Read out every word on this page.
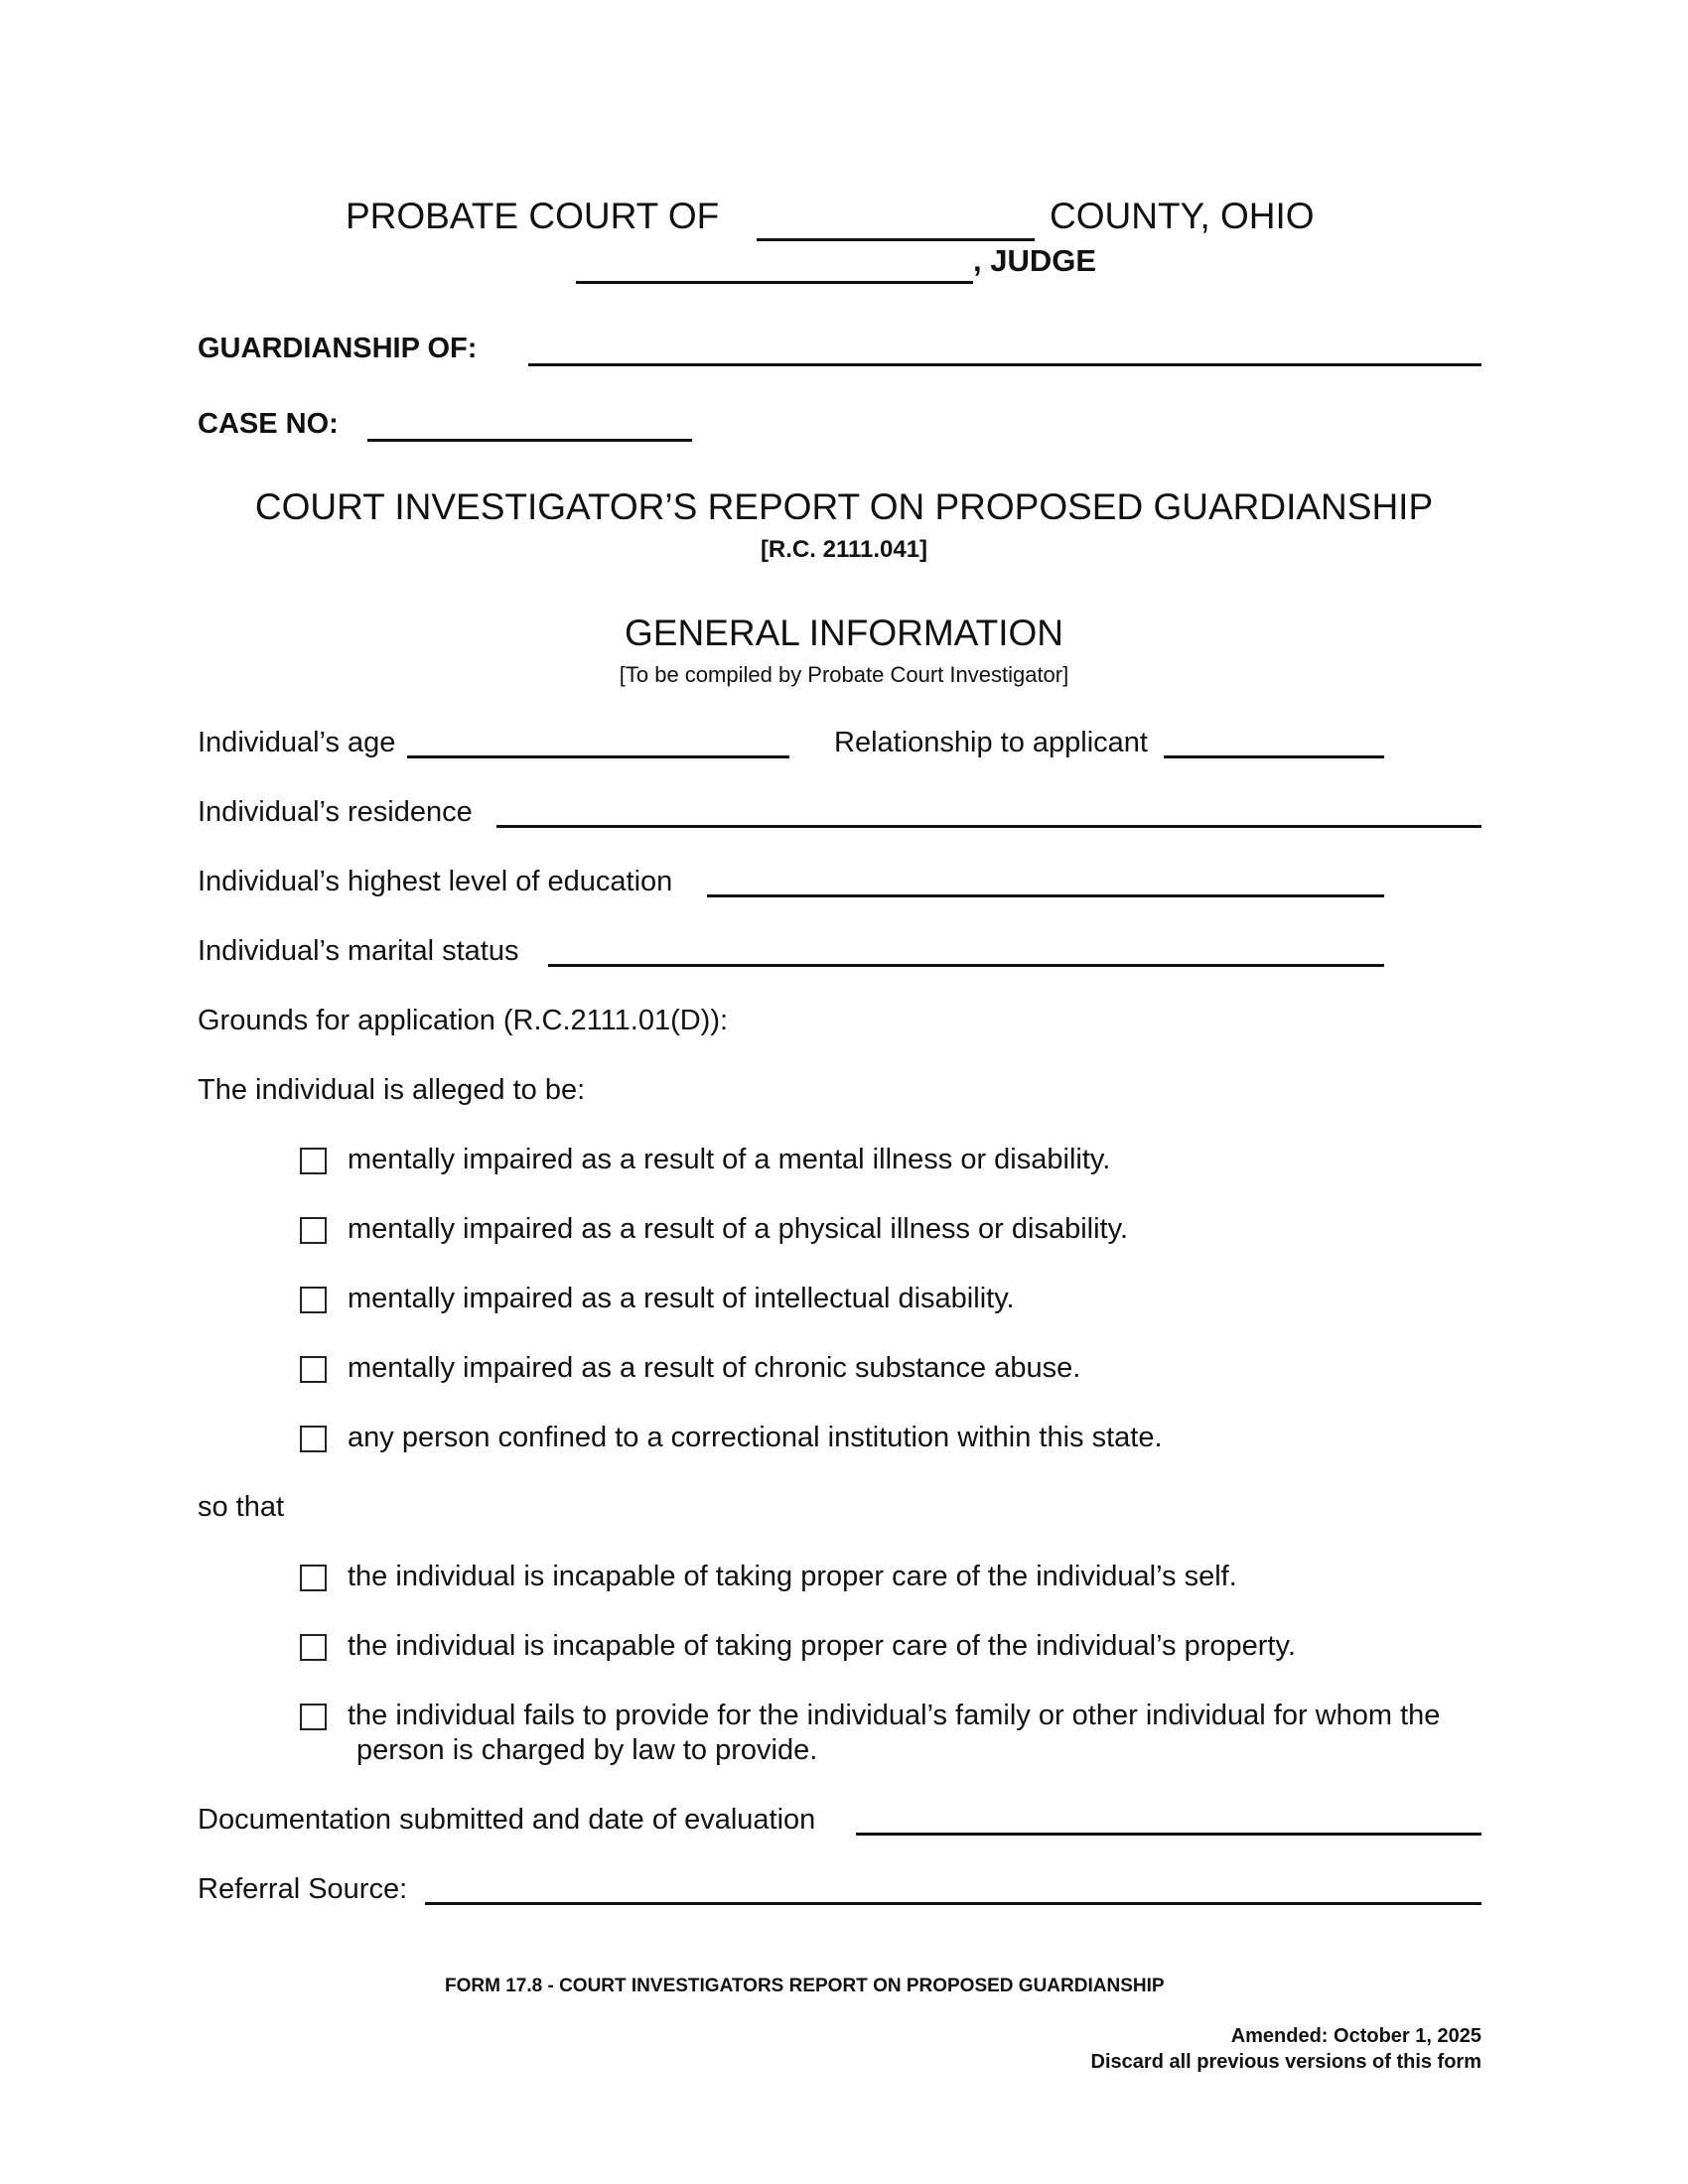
PROBATE COURT OF	COUNTY, OHIO
, JUDGE
GUARDIANSHIP OF:
CASE NO:
COURT INVESTIGATOR’S REPORT ON PROPOSED GUARDIANSHIP
[R.C. 2111.041]
GENERAL INFORMATION
[To be compiled by Probate Court Investigator]
Individual’s age	Relationship to applicant
Individual’s residence
Individual’s highest level of education
Individual’s marital status
Grounds for application (R.C.2111.01(D)):
The individual is alleged to be:
mentally impaired as a result of a mental illness or disability.
mentally impaired as a result of a physical illness or disability.
mentally impaired as a result of intellectual disability.
mentally impaired as a result of chronic substance abuse.
any person confined to a correctional institution within this state.
so that
the individual is incapable of taking proper care of the individual’s self.
the individual is incapable of taking proper care of the individual’s property.
the individual fails to provide for the individual’s family or other individual for whom the
person is charged by law to provide.
Documentation submitted and date of evaluation
Referral Source:
FORM 17.8 - COURT INVESTIGATORS REPORT ON PROPOSED GUARDIANSHIP
Amended: October 1, 2025
Discard all previous versions of this form
